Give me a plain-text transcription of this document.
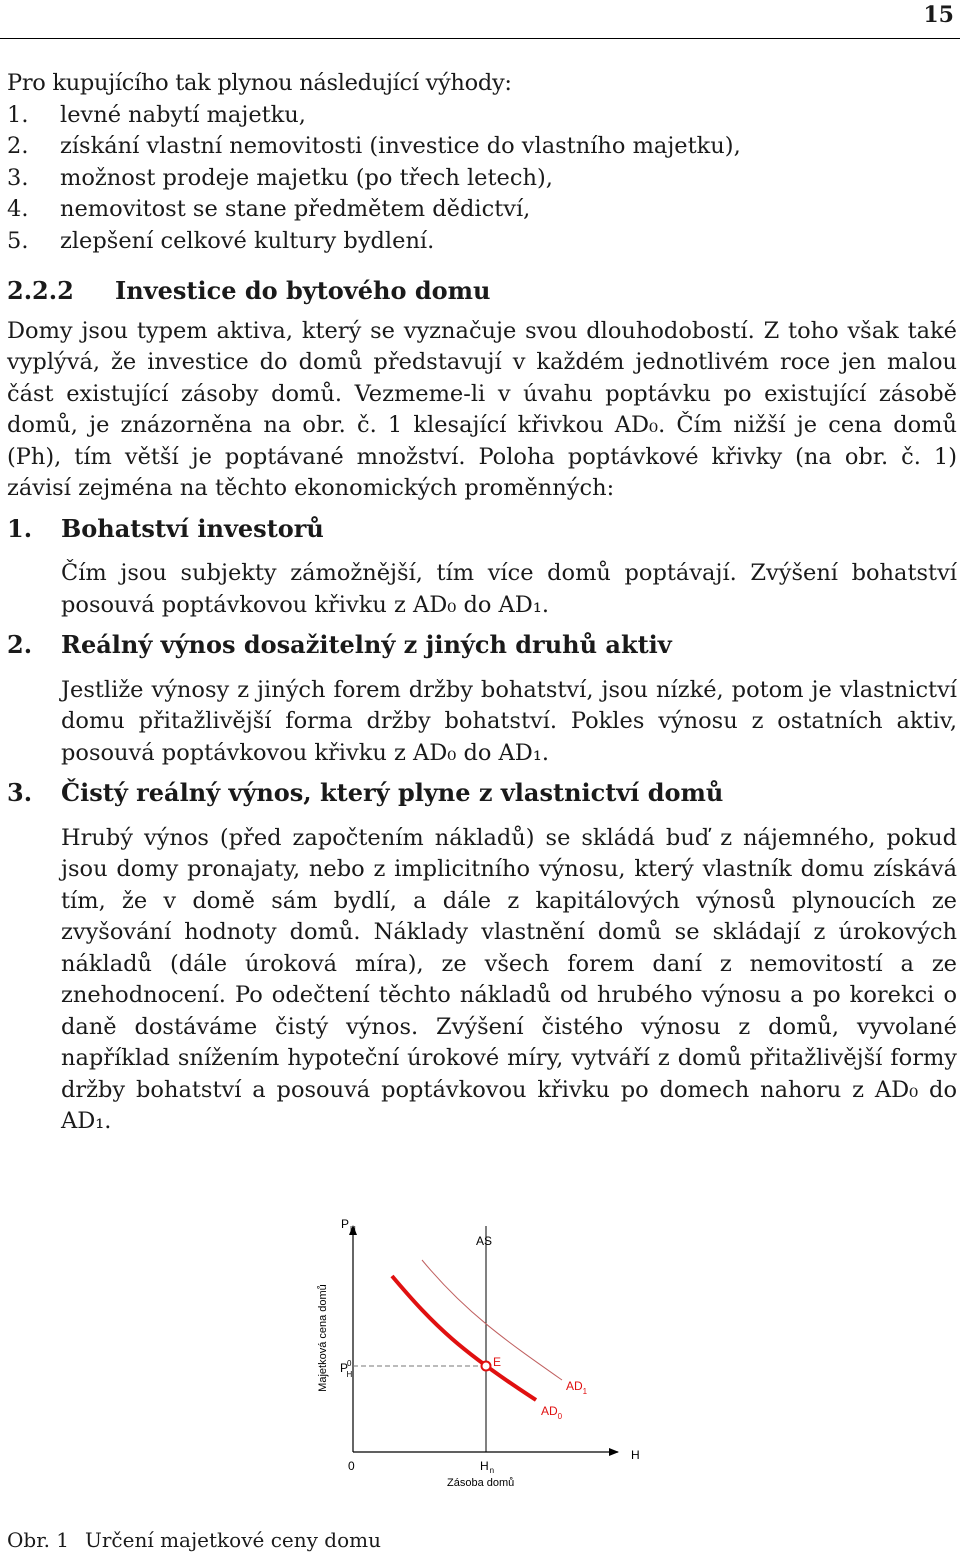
15

Pro kupujícího tak plynou následující výhody:

1.	levné nabytí majetku,
2.	získání vlastní nemovitosti (investice do vlastního majetku),
3.	možnost prodeje majetku (po třech letech),
4.	nemovitost se stane předmětem dědictví,
5.	zlepšení celkové kultury bydlení.
2.2.2	Investice do bytového domu

Domy jsou typem aktiva, který se vyznačuje svou dlouhodobostí. Z toho však také vyplývá, že investice do domů představují v každém jednotlivém roce jen malou část existující zásoby domů. Vezmeme-li v úvahu poptávku po existující zásobě domů, je znázorněna na obr. č. 1 klesající křivkou AD₀. Čím nižší je cena domů (Ph), tím větší je poptávané množství. Poloha poptávkové křivky (na obr. č. 1) závisí zejména na těchto ekonomických proměnných:

1.	Bohatství investorů

Čím jsou subjekty zámožnější, tím více domů poptávají. Zvýšení bohatství posouvá poptávkovou křivku z AD₀ do AD₁.

2.	Reálný výnos dosažitelný z jiných druhů aktiv

Jestliže výnosy z jiných forem držby bohatství, jsou nízké, potom je vlastnictví domu přitažlivější forma držby bohatství. Pokles výnosu z ostatních aktiv, posouvá poptávkovou křivku z AD₀ do AD₁.

3.	Čistý reálný výnos, který plyne z vlastnictví domů

Hrubý výnos (před započtením nákladů) se skládá buď z nájemného, pokud jsou domy pronajaty, nebo z implicitního výnosu, který vlastník domu získává tím, že v domě sám bydlí, a dále z kapitálových výnosů plynoucích ze zvyšování hodnoty domů. Náklady vlastnění domů se skládají z úrokových nákladů (dále úroková míra), ze všech forem daní z nemovitostí a ze znehodnocení. Po odečtení těchto nákladů od hrubého výnosu a po korekci o daně dostáváme čistý výnos. Zvýšení čistého výnosu z domů, vyvolané například snížením hypoteční úrokové míry, vytváří z domů přitažlivější formy držby bohatství a posouvá poptávkovou křivku po domech nahoru z AD₀ do AD₁.

$P_H$
H
0
AS
E
P0 H
$H_n$
$AD_1$
$AD_0$
Majetková cena domů
Zásoba domů
Obr. 1 Určení majetkové ceny domu
